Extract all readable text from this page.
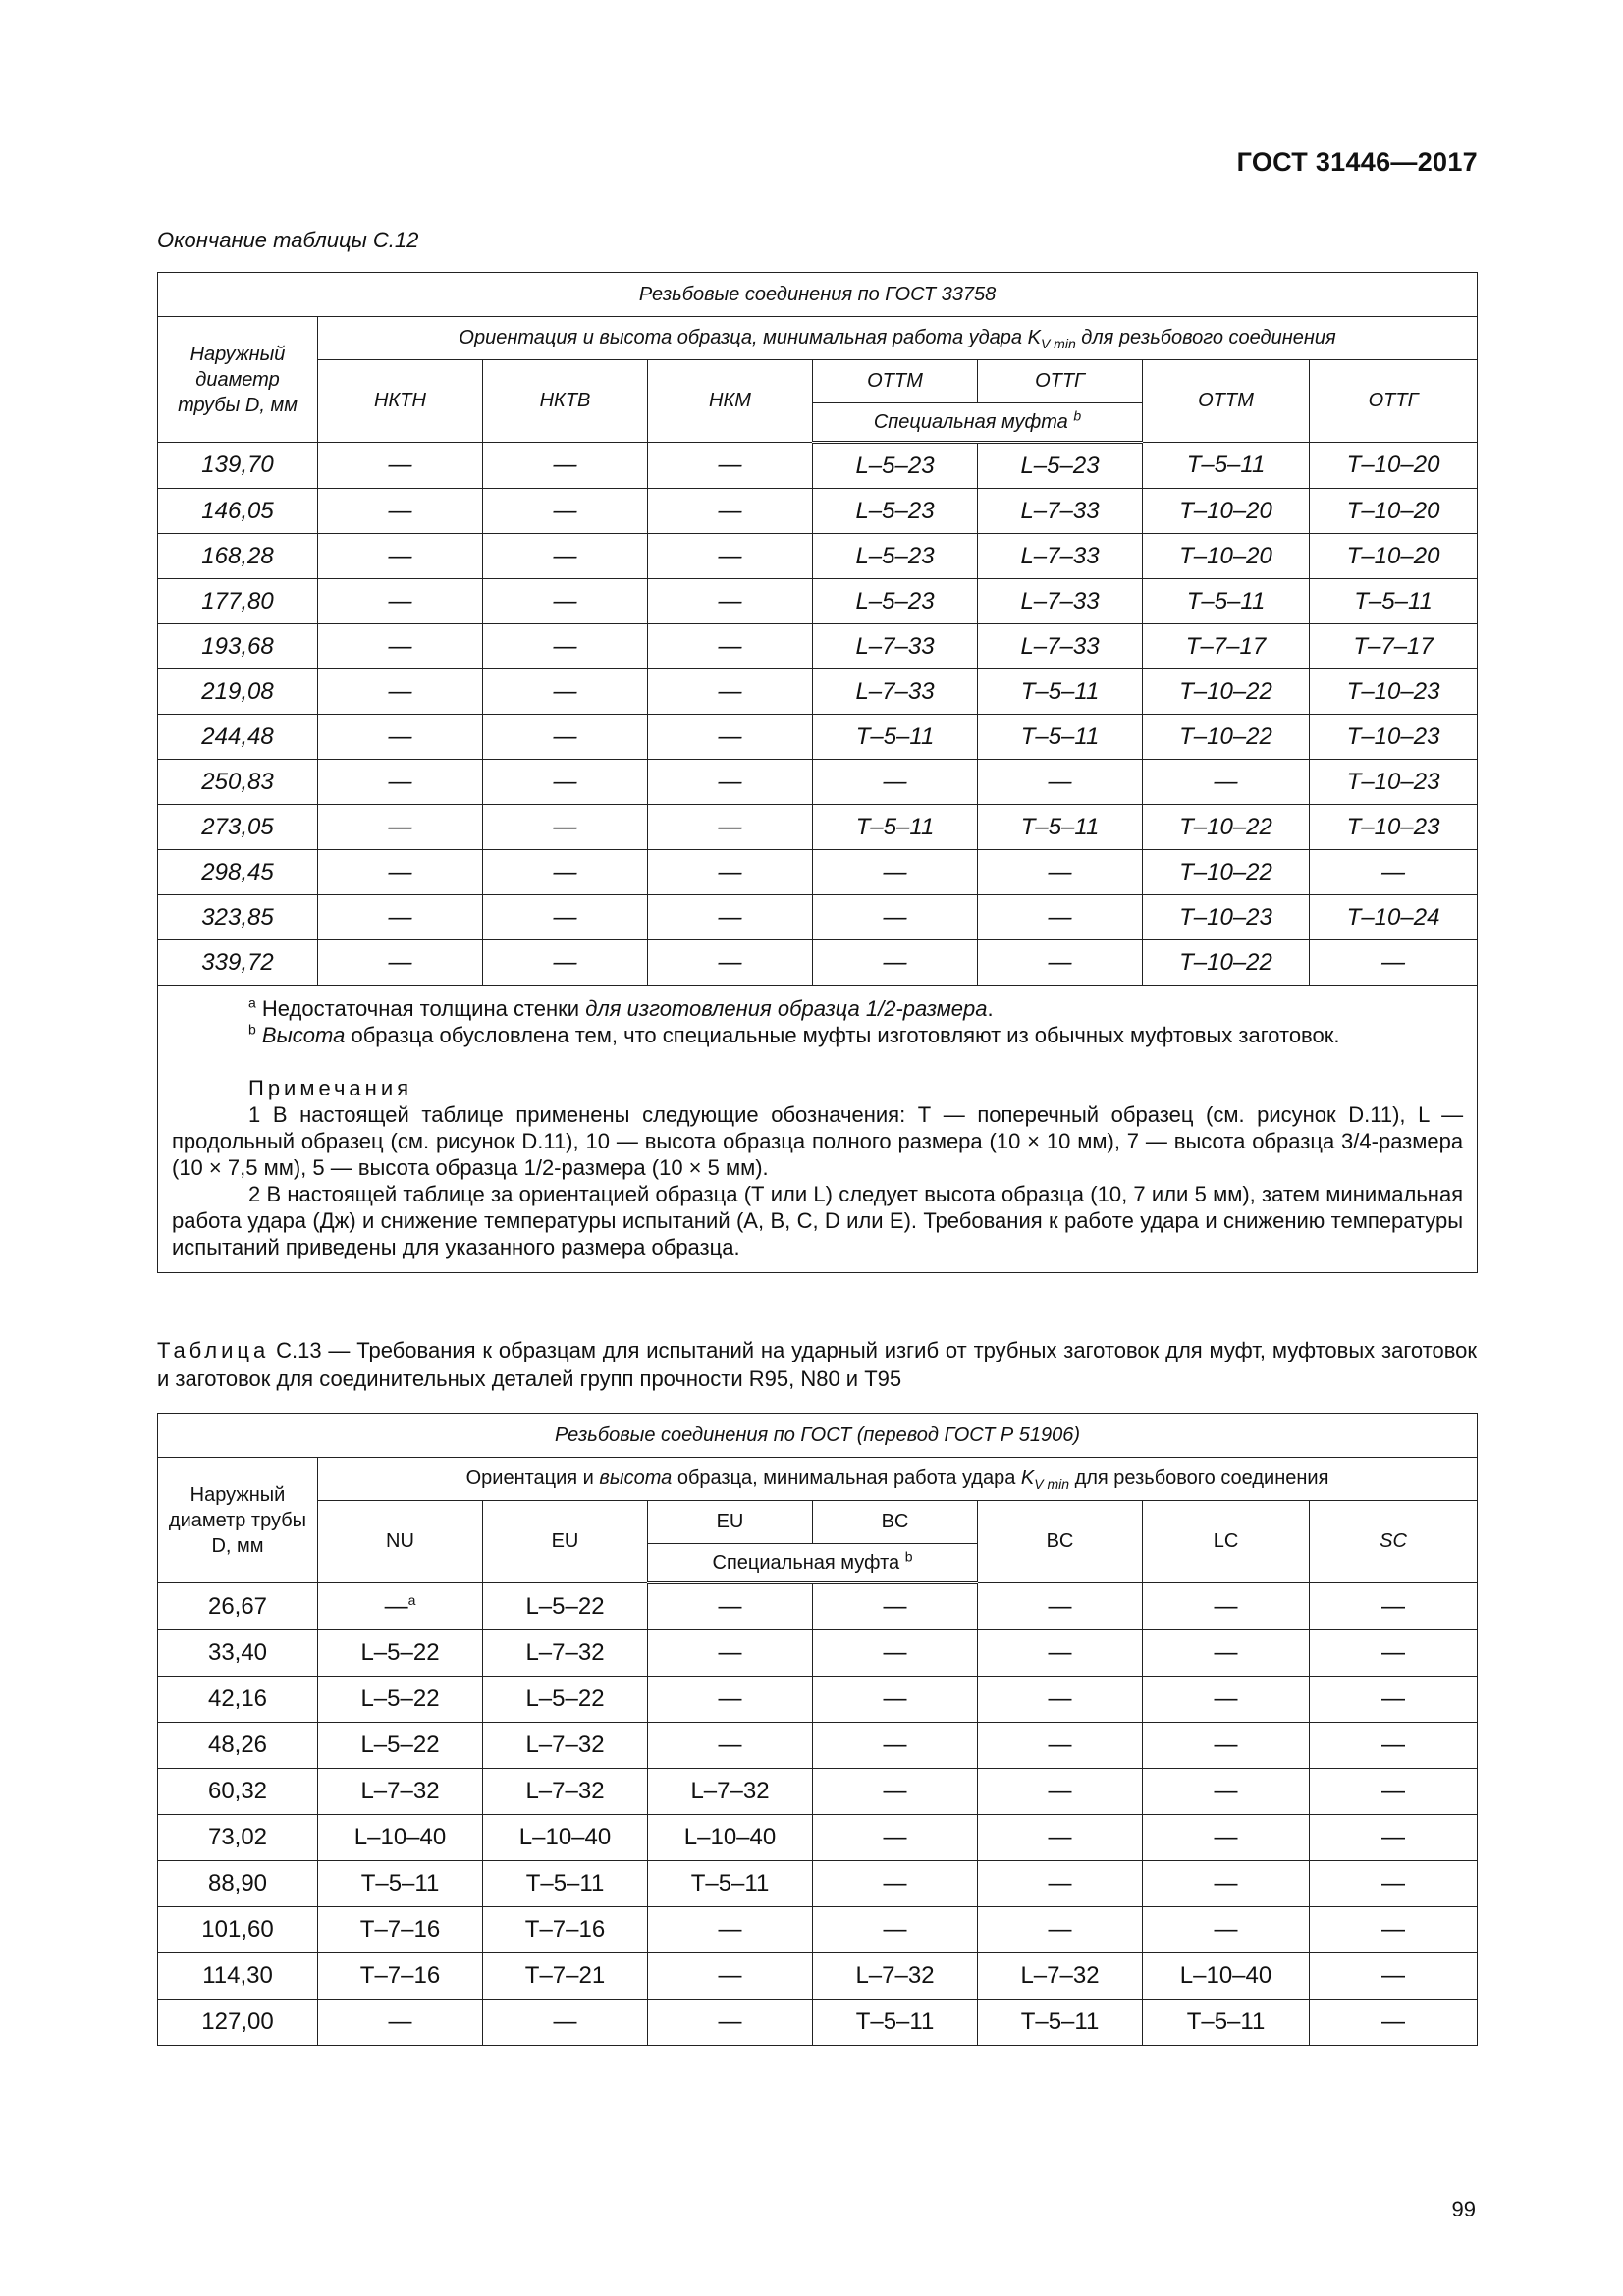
ГОСТ 31446—2017
Окончание таблицы С.12
Резьбовые соединения по ГОСТ 33758							
Наружный диаметр трубы D, мм	Ориентация и высота образца, минимальная работа удара $K_{V min}$ для резьбового соединения						
	НКТН	НКТВ	НКМ	ОТТМ	ОТТГ	ОТТМ	ОТТГ
				Специальная муфта $^b$
139,70	—	—	—	L–5–23	L–5–23	T–5–11	T–10–20
146,05	—	—	—	L–5–23	L–7–33	T–10–20	T–10–20
168,28	—	—	—	L–5–23	L–7–33	T–10–20	T–10–20
177,80	—	—	—	L–5–23	L–7–33	T–5–11	T–5–11
193,68	—	—	—	L–7–33	L–7–33	T–7–17	T–7–17
219,08	—	—	—	L–7–33	T–5–11	T–10–22	T–10–23
244,48	—	—	—	T–5–11	T–5–11	T–10–22	T–10–23
250,83	—	—	—	—	—	—	T–10–23
273,05	—	—	—	T–5–11	T–5–11	T–10–22	T–10–23
298,45	—	—	—	—	—	T–10–22	—
323,85	—	—	—	—	—	T–10–23	T–10–24
339,72	—	—	—	—	—	T–10–22	—

$^a$ Недостаточная толщина стенки для изготовления образца 1/2-размера.

$^b$ Высота образца обусловлена тем, что специальные муфты изготовляют из обычных муфтовых заготовок.

Примечания

1 В настоящей таблице применены следующие обозначения: Т — поперечный образец (см. рисунок D.11), L — продольный образец (см. рисунок D.11), 10 — высота образца полного размера (10 × 10 мм), 7 — высота образца 3/4-размера (10 × 7,5 мм), 5 — высота образца 1/2-размера (10 × 5 мм).

2 В настоящей таблице за ориентацией образца (Т или L) следует высота образца (10, 7 или 5 мм), затем минимальная работа удара (Дж) и снижение температуры испытаний (А, В, С, D или Е). Требования к работе удара и снижению температуры испытаний приведены для указанного размера образца.							

Таблица С.13 — Требования к образцам для испытаний на ударный изгиб от трубных заготовок для муфт, муфтовых заготовок и заготовок для соединительных деталей групп прочности R95, N80 и Т95
Резьбовые соединения по ГОСТ (перевод ГОСТ Р 51906)							
Наружный диаметр трубы D, мм	Ориентация и высота образца, минимальная работа удара $K_{V min}$ для резьбового соединения						
	NU	EU	EU	BC	BC	LC	SC
			Специальная муфта $^b$
26,67	—$^a$	L–5–22	—	—	—	—	—
33,40	L–5–22	L–7–32	—	—	—	—	—
42,16	L–5–22	L–5–22	—	—	—	—	—
48,26	L–5–22	L–7–32	—	—	—	—	—
60,32	L–7–32	L–7–32	L–7–32	—	—	—	—
73,02	L–10–40	L–10–40	L–10–40	—	—	—	—
88,90	T–5–11	T–5–11	T–5–11	—	—	—	—
101,60	T–7–16	T–7–16	—	—	—	—	—
114,30	T–7–16	T–7–21	—	L–7–32	L–7–32	L–10–40	—
127,00	—	—	—	T–5–11	T–5–11	T–5–11	—
99
